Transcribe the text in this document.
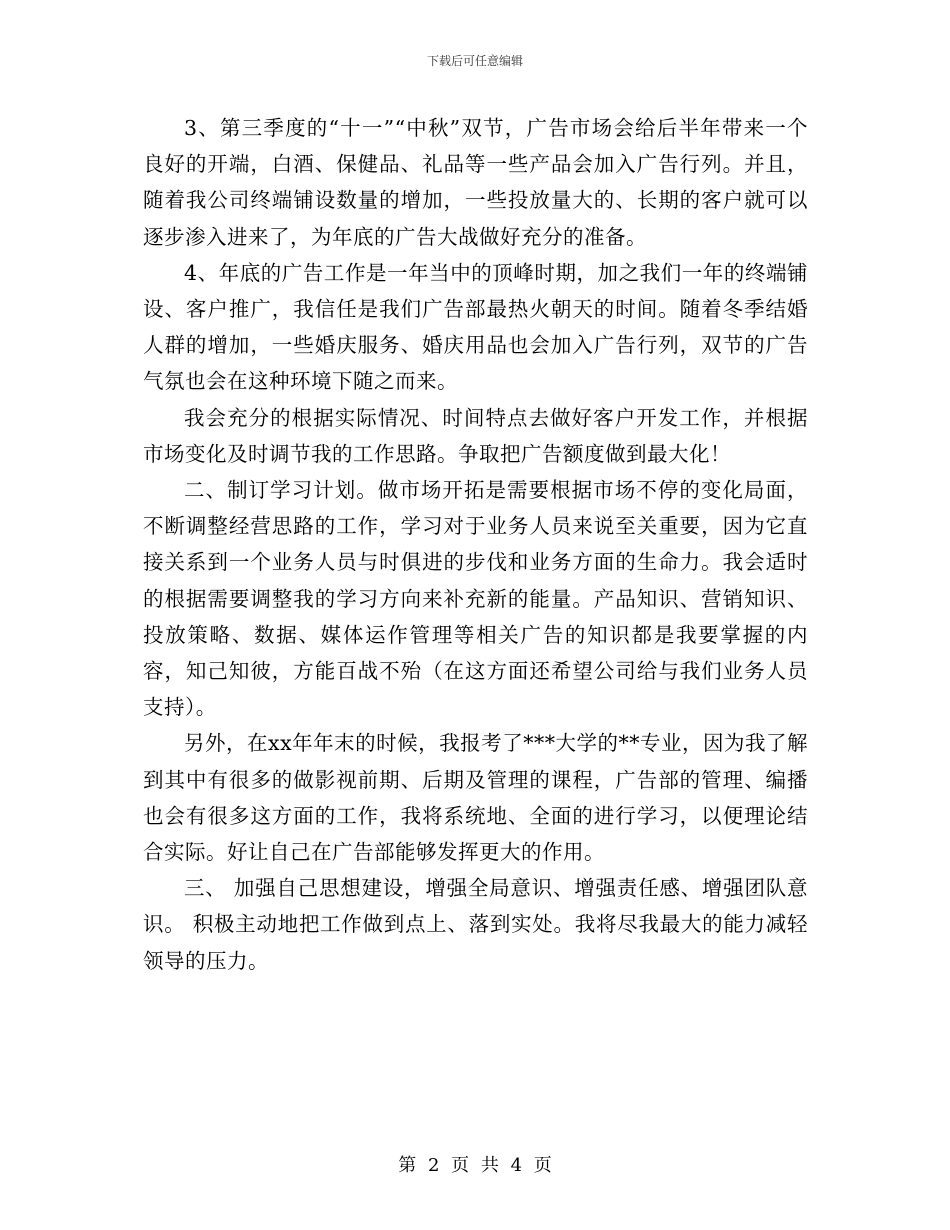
下载后可任意编辑

3、第三季度的“十一”“中秋”双节，广告市场会给后半年带来一个良好的开端，白酒、保健品、礼品等一些产品会加入广告行列。并且，随着我公司终端铺设数量的增加，一些投放量大的、长期的客户就可以逐步渗入进来了，为年底的广告大战做好充分的准备。

4、年底的广告工作是一年当中的顶峰时期，加之我们一年的终端铺设、客户推广，我信任是我们广告部最热火朝天的时间。随着冬季结婚人群的增加，一些婚庆服务、婚庆用品也会加入广告行列，双节的广告气氛也会在这种环境下随之而来。

我会充分的根据实际情况、时间特点去做好客户开发工作，并根据市场变化及时调节我的工作思路。争取把广告额度做到最大化！

二、制订学习计划。做市场开拓是需要根据市场不停的变化局面，不断调整经营思路的工作，学习对于业务人员来说至关重要，因为它直接关系到一个业务人员与时俱进的步伐和业务方面的生命力。我会适时的根据需要调整我的学习方向来补充新的能量。产品知识、营销知识、投放策略、数据、媒体运作管理等相关广告的知识都是我要掌握的内容，知己知彼，方能百战不殆（在这方面还希望公司给与我们业务人员支持）。

另外，在xx年年末的时候，我报考了***大学的**专业，因为我了解到其中有很多的做影视前期、后期及管理的课程，广告部的管理、编播也会有很多这方面的工作，我将系统地、全面的进行学习，以便理论结合实际。好让自己在广告部能够发挥更大的作用。

三、 加强自己思想建设，增强全局意识、增强责任感、增强团队意识。 积极主动地把工作做到点上、落到实处。我将尽我最大的能力减轻领导的压力。

第 2 页 共 4 页
